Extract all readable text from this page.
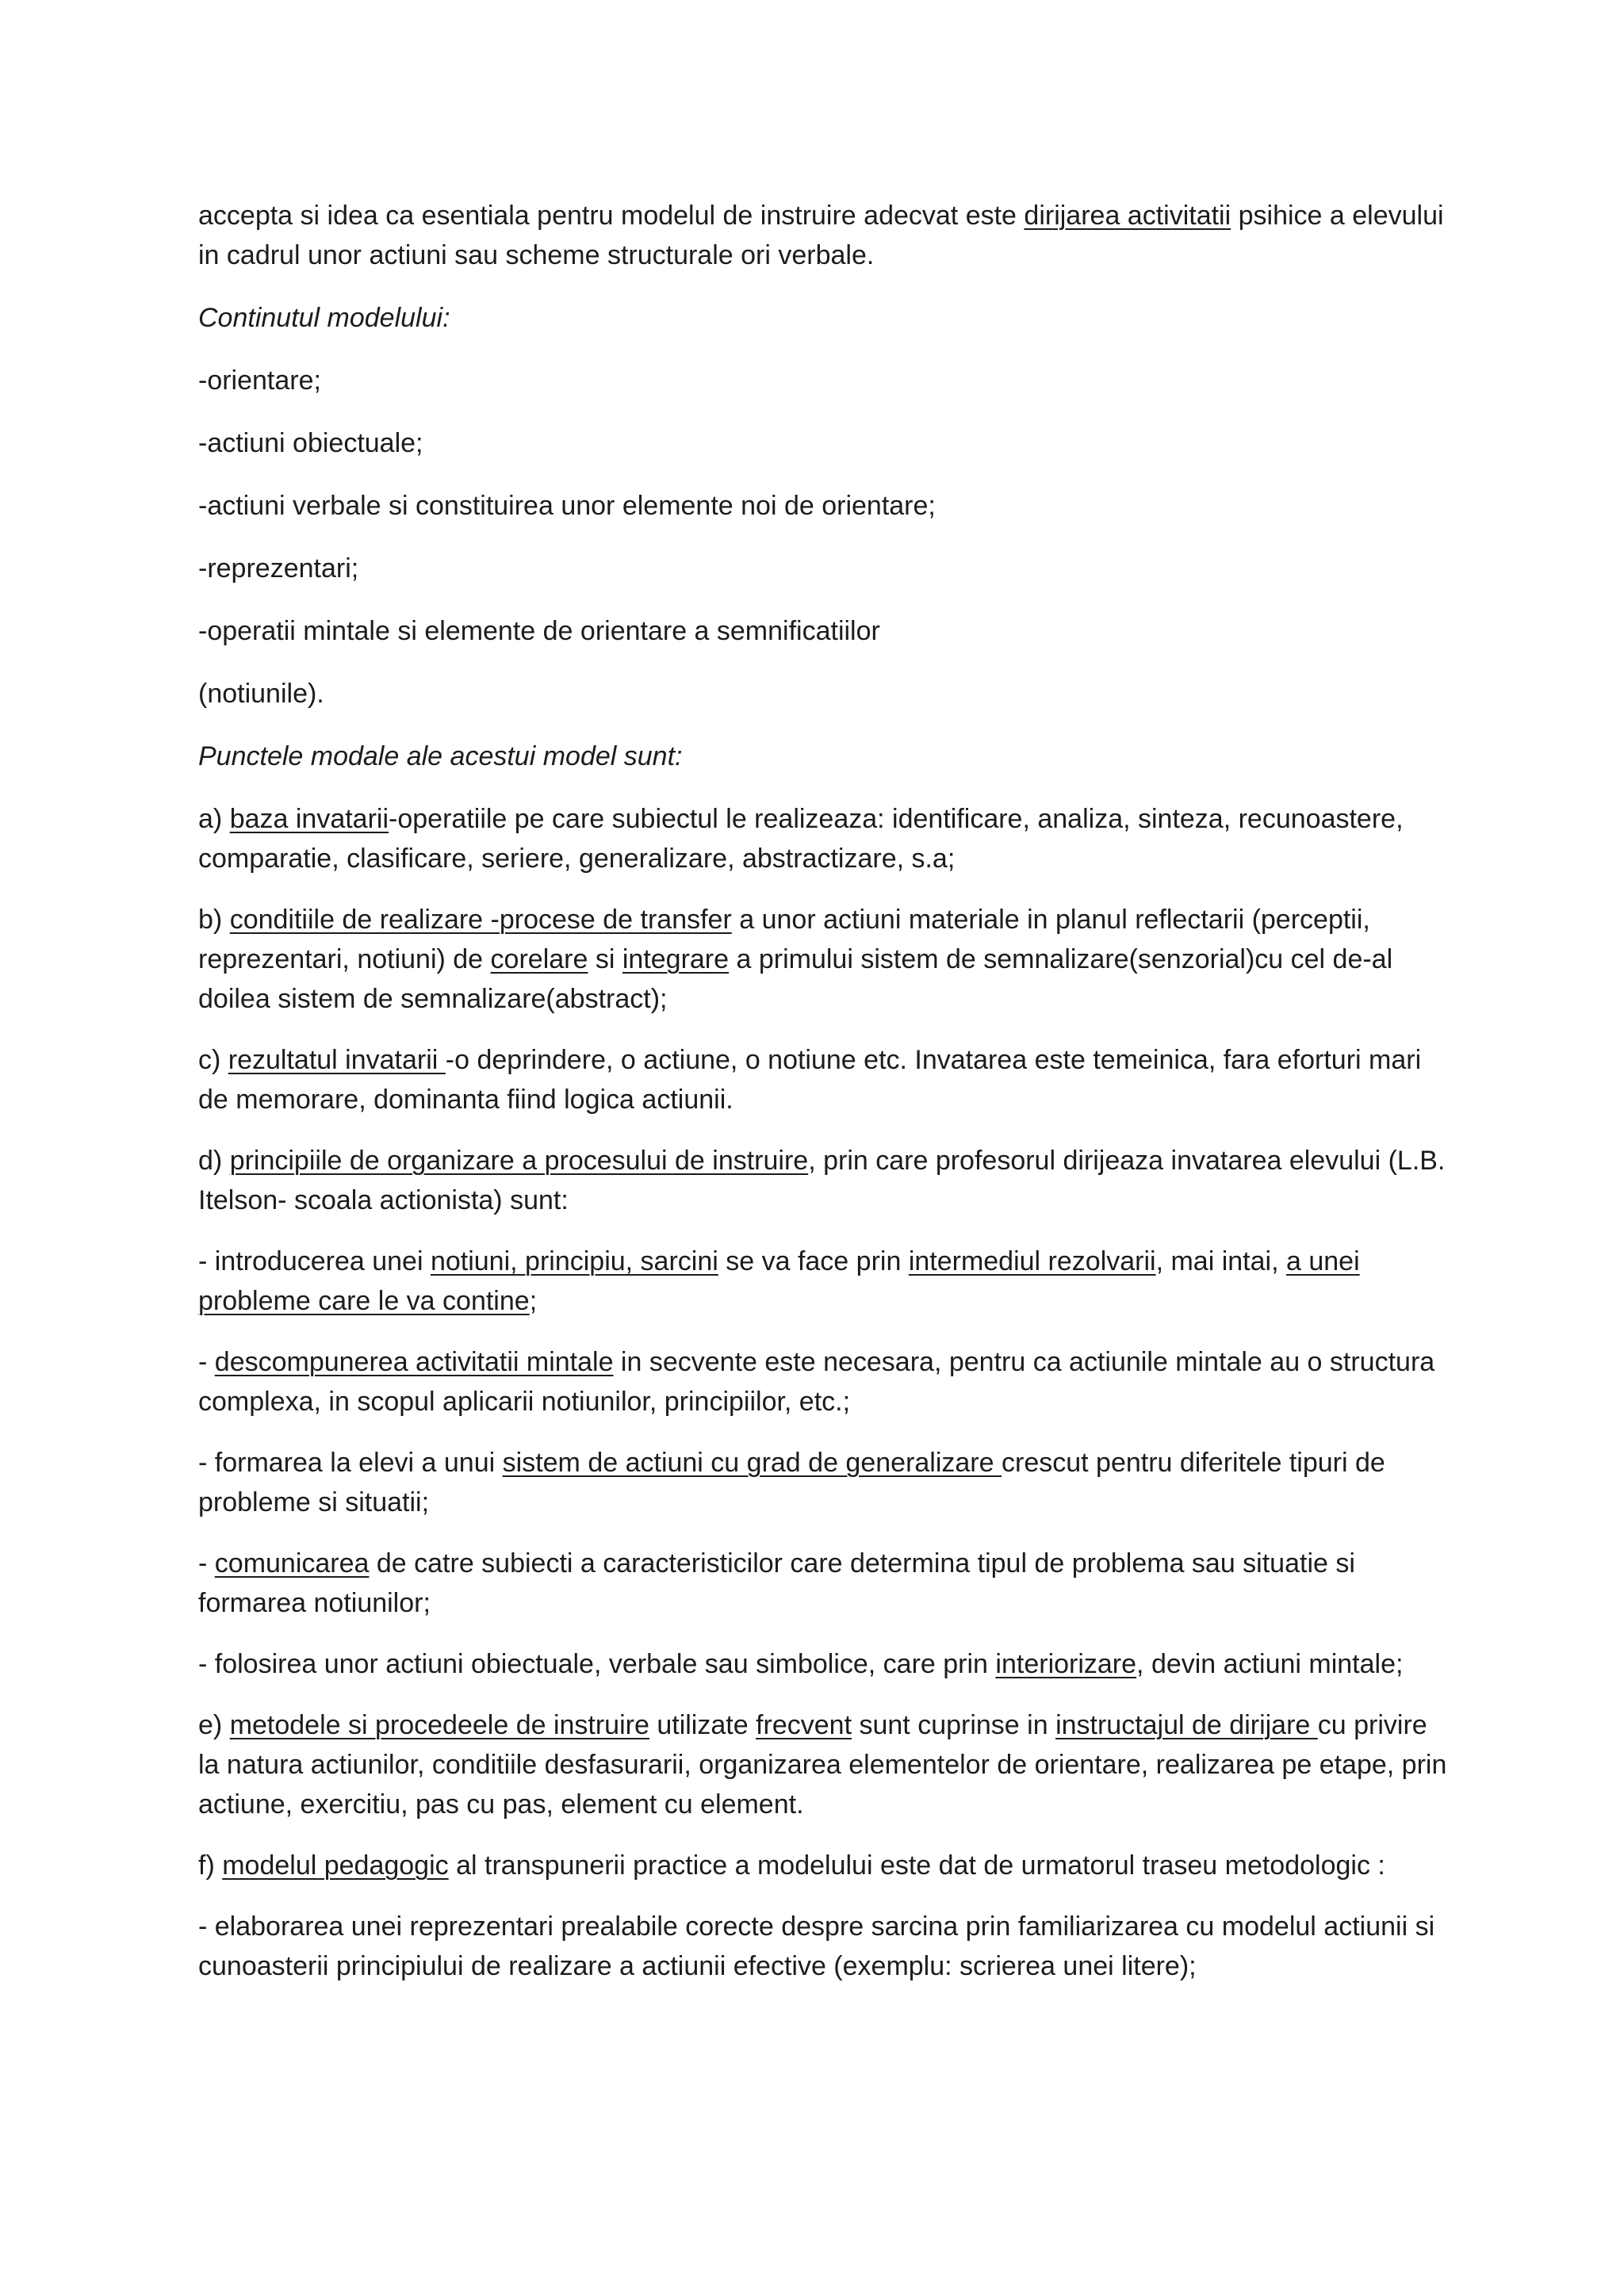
accepta si idea ca esentiala pentru modelul de instruire adecvat este dirijarea activitatii psihice a elevului in cadrul unor actiuni sau scheme structurale ori verbale.

Continutul modelului:

-orientare;

-actiuni obiectuale;

-actiuni verbale si constituirea unor elemente noi de orientare;

-reprezentari;

-operatii mintale si elemente de orientare a semnificatiilor

(notiunile).

Punctele modale ale acestui model sunt:

a) baza invatarii-operatiile pe care subiectul le realizeaza: identificare, analiza, sinteza, recunoastere, comparatie, clasificare, seriere, generalizare, abstractizare, s.a;

b) conditiile de realizare -procese de transfer a unor actiuni materiale in planul reflectarii (perceptii, reprezentari, notiuni) de corelare si integrare a primului sistem de semnalizare(senzorial)cu cel de-al doilea sistem de semnalizare(abstract);

c) rezultatul invatarii -o deprindere, o actiune, o notiune etc. Invatarea este temeinica, fara eforturi mari de memorare, dominanta fiind logica actiunii.

d) principiile de organizare a procesului de instruire, prin care profesorul dirijeaza invatarea elevului (L.B. Itelson- scoala actionista) sunt:

- introducerea unei notiuni, principiu, sarcini se va face prin intermediul rezolvarii, mai intai, a unei probleme care le va contine;

- descompunerea activitatii mintale in secvente este necesara, pentru ca actiunile mintale au o structura complexa, in scopul aplicarii notiunilor, principiilor, etc.;

- formarea la elevi a unui sistem de actiuni cu grad de generalizare crescut pentru diferitele tipuri de probleme si situatii;

- comunicarea de catre subiecti a caracteristicilor care determina tipul de problema sau situatie si formarea notiunilor;

- folosirea unor actiuni obiectuale, verbale sau simbolice, care prin interiorizare, devin actiuni mintale;

e) metodele si procedeele de instruire utilizate frecvent sunt cuprinse in instructajul de dirijare cu privire la natura actiunilor, conditiile desfasurarii, organizarea elementelor de orientare, realizarea pe etape, prin actiune, exercitiu, pas cu pas, element cu element.

f) modelul pedagogic al transpunerii practice a modelului este dat de urmatorul traseu metodologic :

- elaborarea unei reprezentari prealabile corecte despre sarcina prin familiarizarea cu modelul actiunii si cunoasterii principiului de realizare a actiunii efective (exemplu: scrierea unei litere);
